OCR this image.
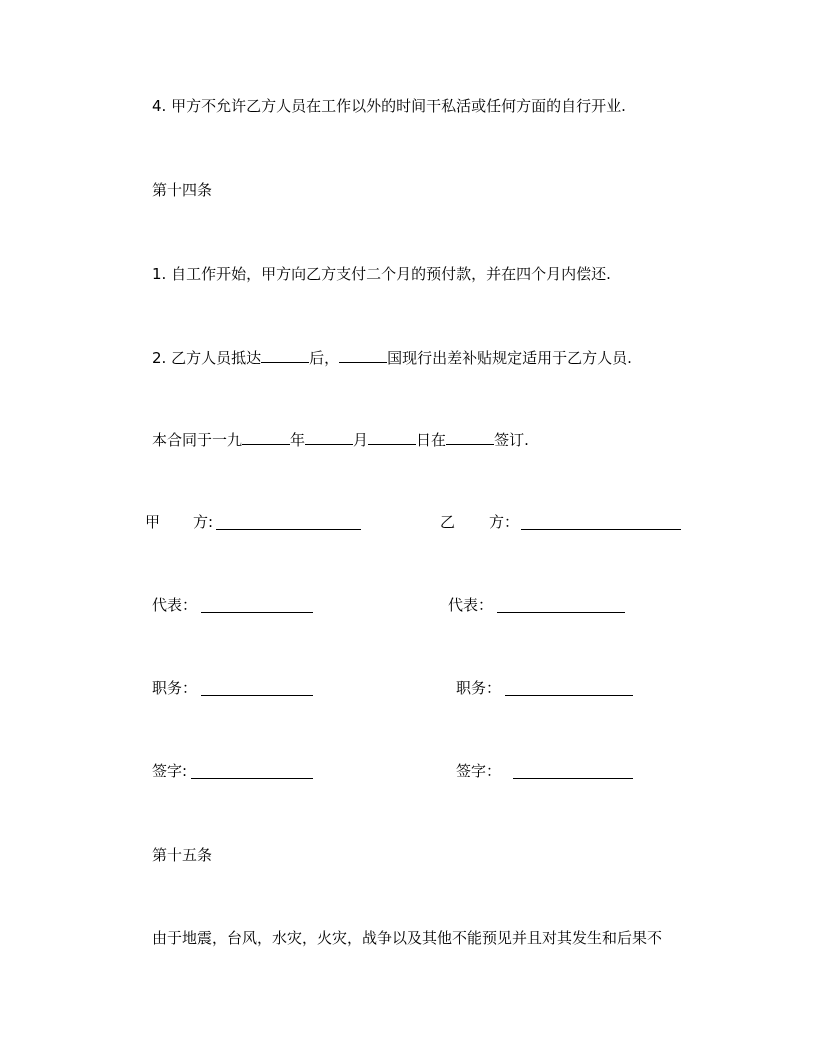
4. 甲方不允许乙方人员在工作以外的时间干私活或任何方面的自行开业.
第十四条
1. 自工作开始，甲方向乙方支付二个月的预付款，并在四个月内偿还.
2. 乙方人员抵达	后，	国现行出差补贴规定适用于乙方人员.
本合同于一九	年	月	日在	签订.
甲 方:	乙 方：
代表：	代表：
职务：	职务：
签字:	签字：
第十五条
由于地震，台风，水灾，火灾，战争以及其他不能预见并且对其发生和后果不
